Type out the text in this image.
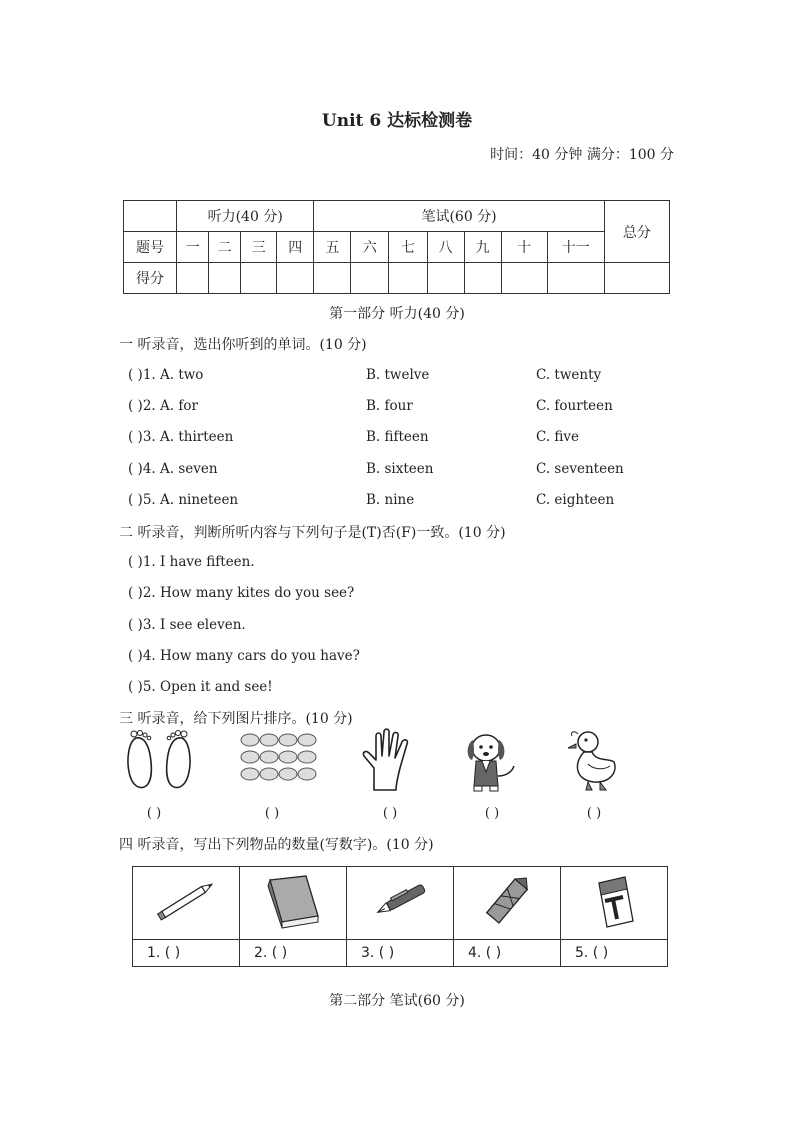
Unit 6 达标检测卷
时间：40 分钟 满分：100 分
	听力(40 分)				笔试(60 分)							总分
题号	一	二	三	四	五	六	七	八	九	十	十一	
得分												
第一部分 听力(40 分)
一 听录音，选出你听到的单词。(10 分)
( )1. A. two	B. twelve	C. twenty
( )2. A. for	B. four	C. fourteen
( )3. A. thirteen	B. fifteen	C. five
( )4. A. seven	B. sixteen	C. seventeen
( )5. A. nineteen	B. nine	C. eighteen
二 听录音，判断所听内容与下列句子是(T)否(F)一致。(10 分)
( )1. I have fifteen.
( )2. How many kites do you see?
( )3. I see eleven.
( )4. How many cars do you have?
( )5. Open it and see!
三 听录音，给下列图片排序。(10 分)
( )	( )	( )	( )	( )
四 听录音，写出下列物品的数量(写数字)。(10 分)

1. ( )	2. ( )	3. ( )	4. ( )	5. ( )
第二部分 笔试(60 分)
